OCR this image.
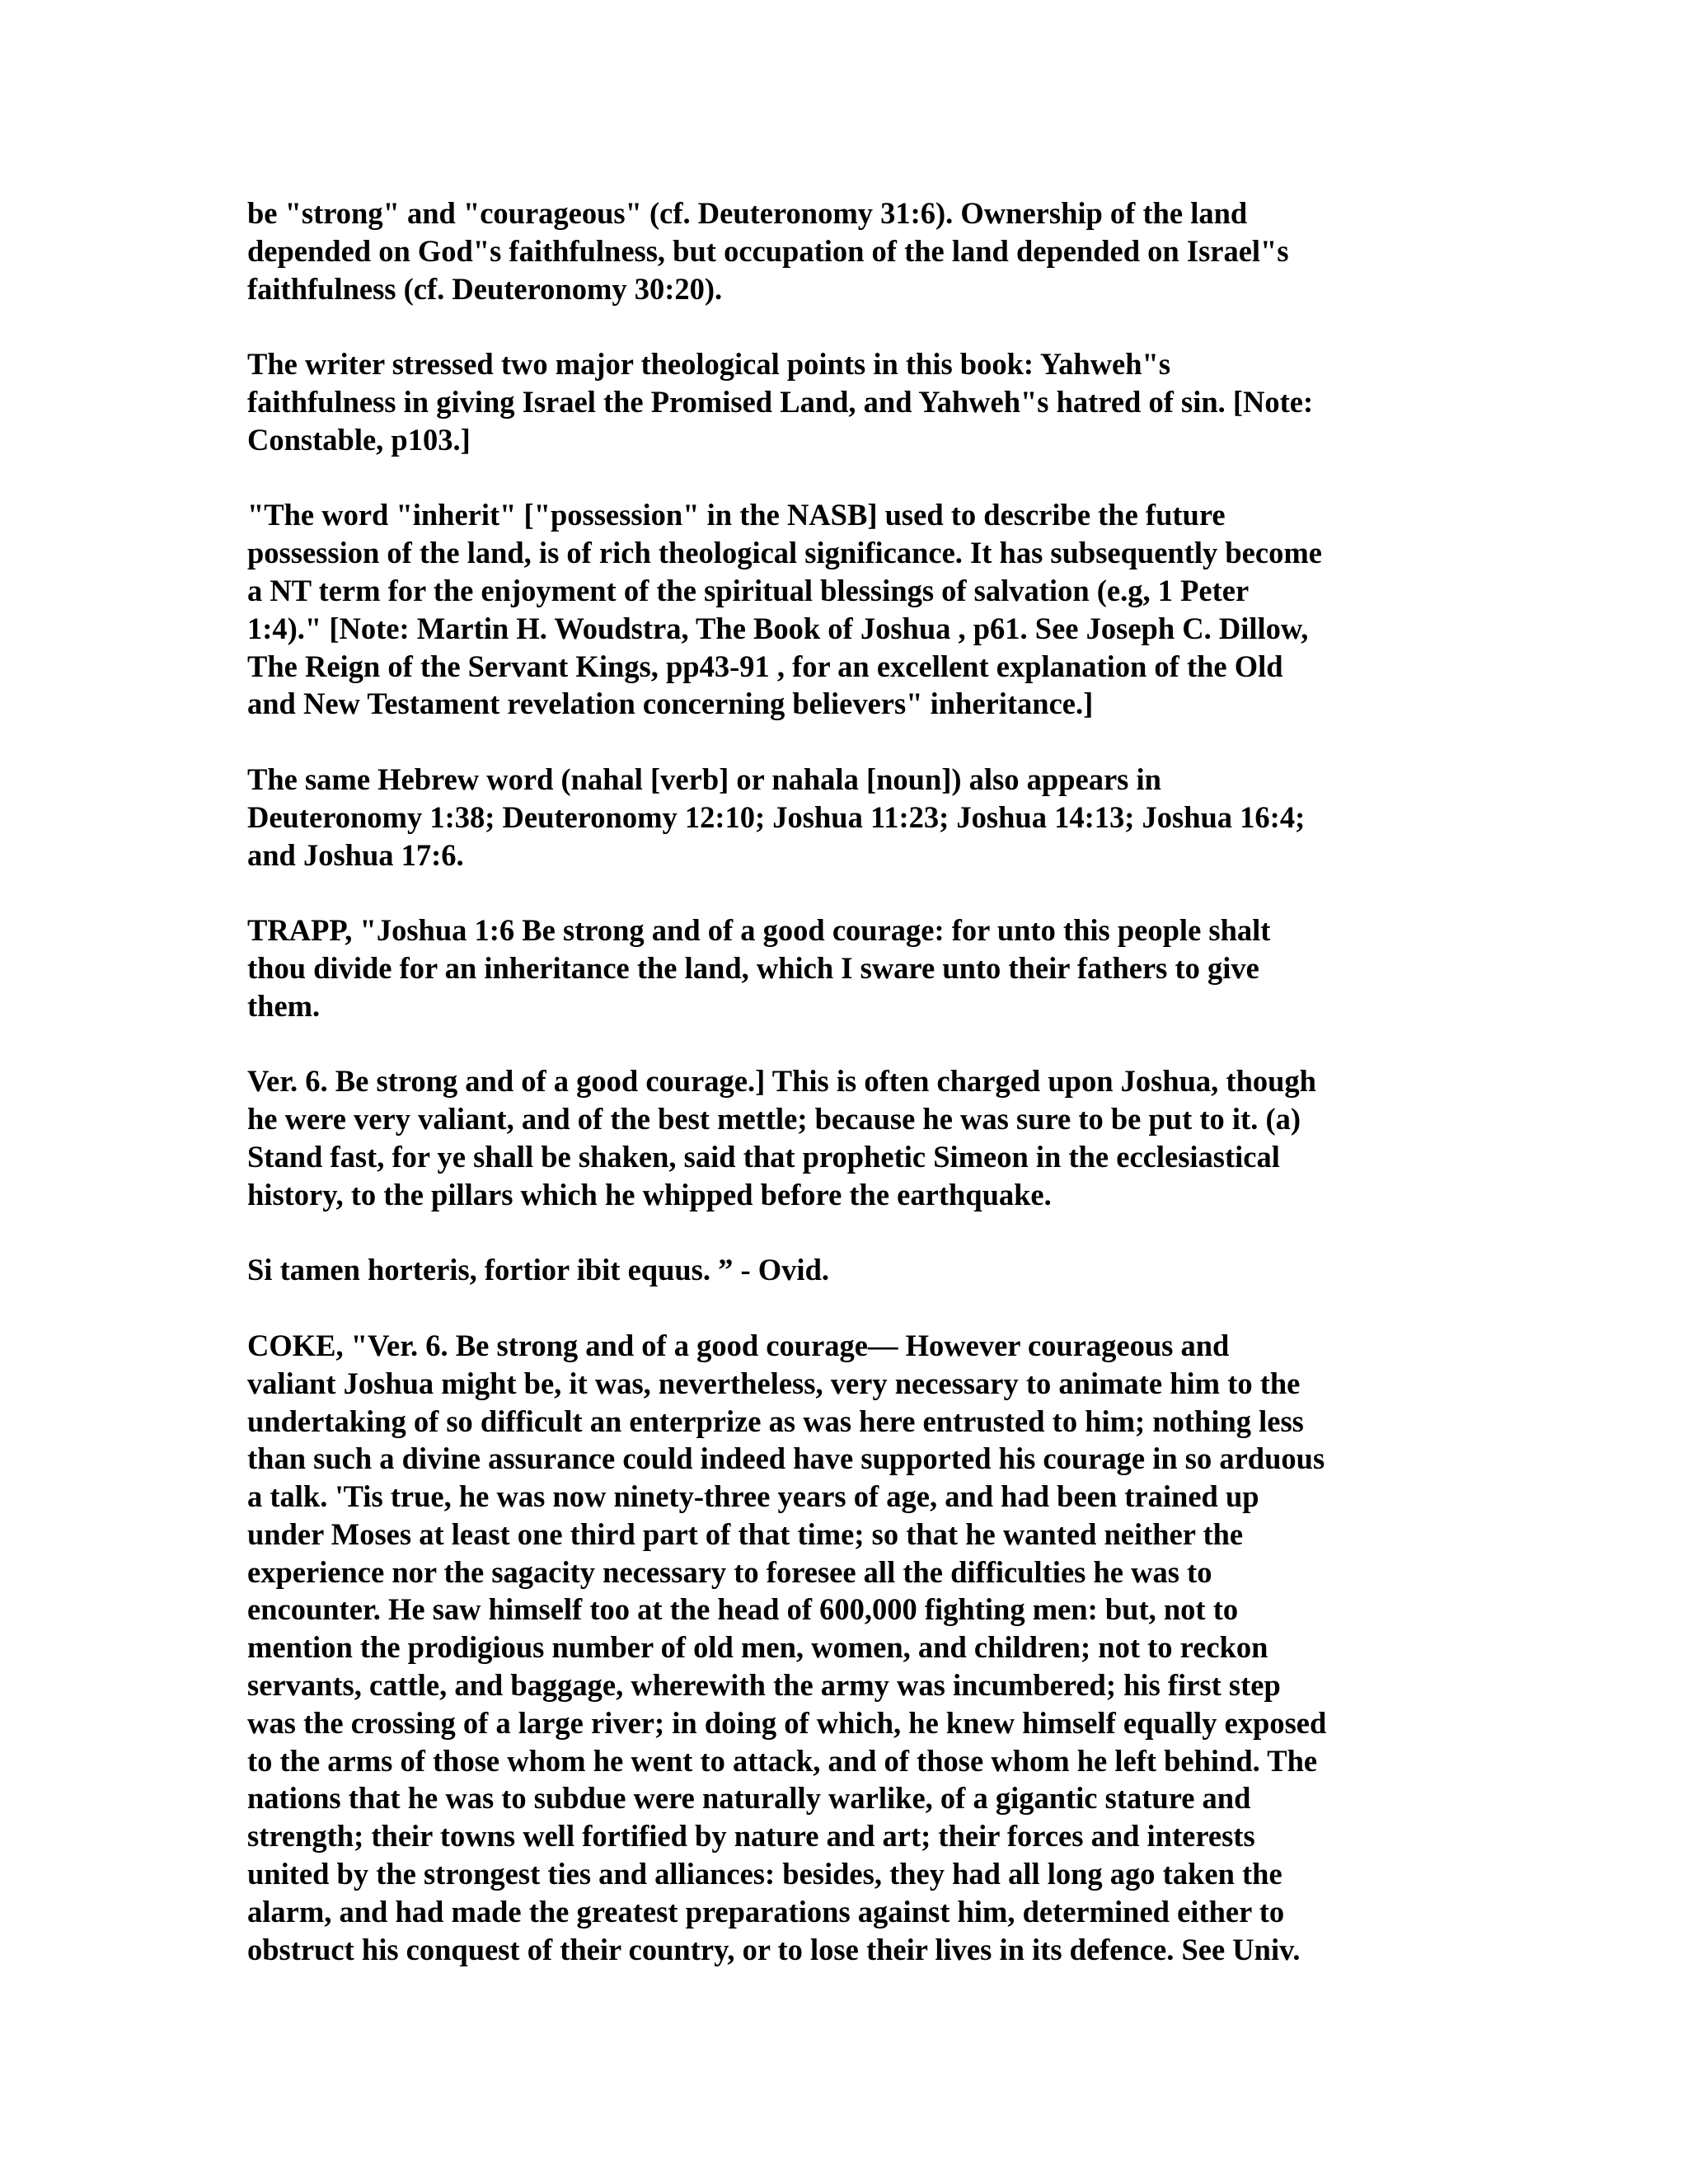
be "strong" and "courageous" (cf. Deuteronomy 31:6). Ownership of the land
depended on God"s faithfulness, but occupation of the land depended on Israel"s
faithfulness (cf. Deuteronomy 30:20).

The writer stressed two major theological points in this book: Yahweh"s
faithfulness in giving Israel the Promised Land, and Yahweh"s hatred of sin. [Note:
Constable, p103.]

"The word "inherit" ["possession" in the NASB] used to describe the future
possession of the land, is of rich theological significance. It has subsequently become
a NT term for the enjoyment of the spiritual blessings of salvation (e.g, 1 Peter
1:4)." [Note: Martin H. Woudstra, The Book of Joshua , p61. See Joseph C. Dillow,
The Reign of the Servant Kings, pp43-91 , for an excellent explanation of the Old
and New Testament revelation concerning believers" inheritance.]

The same Hebrew word (nahal [verb] or nahala [noun]) also appears in
Deuteronomy 1:38; Deuteronomy 12:10; Joshua 11:23; Joshua 14:13; Joshua 16:4;
and Joshua 17:6.

TRAPP, "Joshua 1:6 Be strong and of a good courage: for unto this people shalt
thou divide for an inheritance the land, which I sware unto their fathers to give
them.

Ver. 6. Be strong and of a good courage.] This is often charged upon Joshua, though
he were very valiant, and of the best mettle; because he was sure to be put to it. (a)
Stand fast, for ye shall be shaken, said that prophetic Simeon in the ecclesiastical
history, to the pillars which he whipped before the earthquake.

Si tamen horteris, fortior ibit equus. ” - Ovid.

COKE, "Ver. 6. Be strong and of a good courage— However courageous and
valiant Joshua might be, it was, nevertheless, very necessary to animate him to the
undertaking of so difficult an enterprize as was here entrusted to him; nothing less
than such a divine assurance could indeed have supported his courage in so arduous
a talk. 'Tis true, he was now ninety-three years of age, and had been trained up
under Moses at least one third part of that time; so that he wanted neither the
experience nor the sagacity necessary to foresee all the difficulties he was to
encounter. He saw himself too at the head of 600,000 fighting men: but, not to
mention the prodigious number of old men, women, and children; not to reckon
servants, cattle, and baggage, wherewith the army was incumbered; his first step
was the crossing of a large river; in doing of which, he knew himself equally exposed
to the arms of those whom he went to attack, and of those whom he left behind. The
nations that he was to subdue were naturally warlike, of a gigantic stature and
strength; their towns well fortified by nature and art; their forces and interests
united by the strongest ties and alliances: besides, they had all long ago taken the
alarm, and had made the greatest preparations against him, determined either to
obstruct his conquest of their country, or to lose their lives in its defence. See Univ.
